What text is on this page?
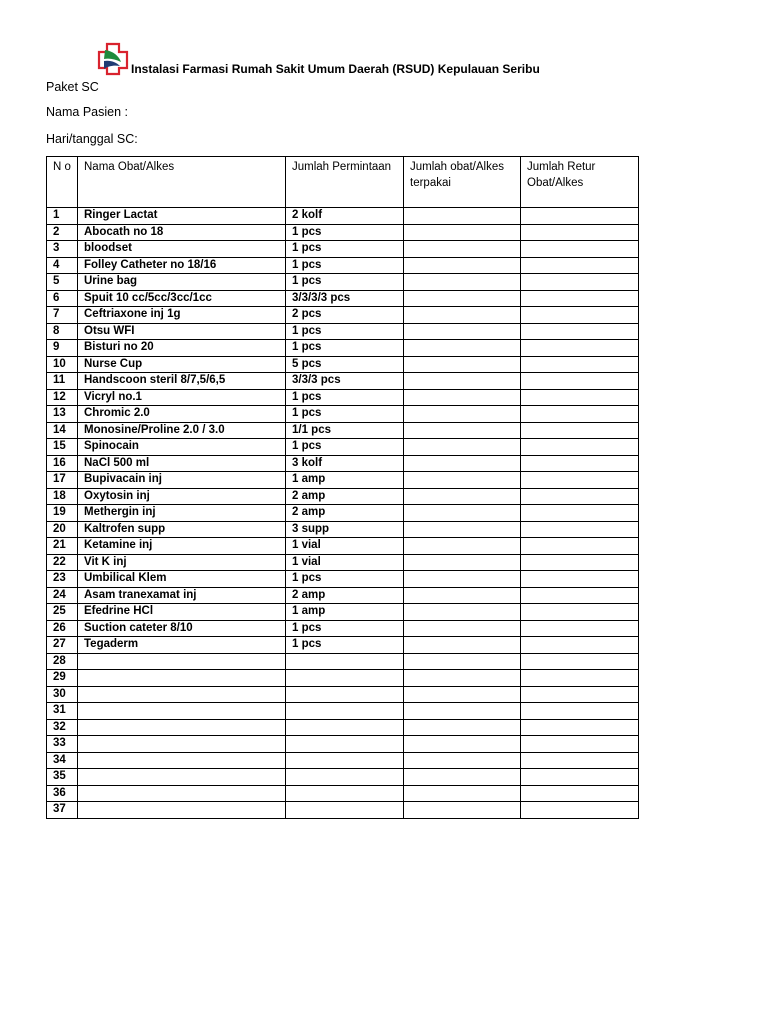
Instalasi Farmasi Rumah Sakit Umum Daerah (RSUD) Kepulauan Seribu
Paket SC
Nama Pasien :
Hari/tanggal SC:
N o	Nama Obat/Alkes	Jumlah Permintaan	Jumlah obat/Alkes terpakai	Jumlah Retur Obat/Alkes
1	Ringer Lactat	2 kolf		
2	Abocath no 18	1 pcs		
3	bloodset	1 pcs		
4	Folley Catheter no 18/16	1 pcs		
5	Urine bag	1 pcs		
6	Spuit 10 cc/5cc/3cc/1cc	3/3/3/3 pcs		
7	Ceftriaxone inj 1g	2 pcs		
8	Otsu WFI	1 pcs		
9	Bisturi no 20	1 pcs		
10	Nurse Cup	5 pcs		
11	Handscoon steril 8/7,5/6,5	3/3/3 pcs		
12	Vicryl no.1	1 pcs		
13	Chromic 2.0	1 pcs		
14	Monosine/Proline 2.0 / 3.0	1/1 pcs		
15	Spinocain	1 pcs		
16	NaCl 500 ml	3 kolf		
17	Bupivacain inj	1 amp		
18	Oxytosin inj	2 amp		
19	Methergin inj	2 amp		
20	Kaltrofen supp	3 supp		
21	Ketamine inj	1 vial		
22	Vit K inj	1 vial		
23	Umbilical Klem	1 pcs		
24	Asam tranexamat inj	2 amp		
25	Efedrine HCl	1 amp		
26	Suction cateter 8/10	1 pcs		
27	Tegaderm	1 pcs		
28				
29				
30				
31				
32				
33				
34				
35				
36				
37				
